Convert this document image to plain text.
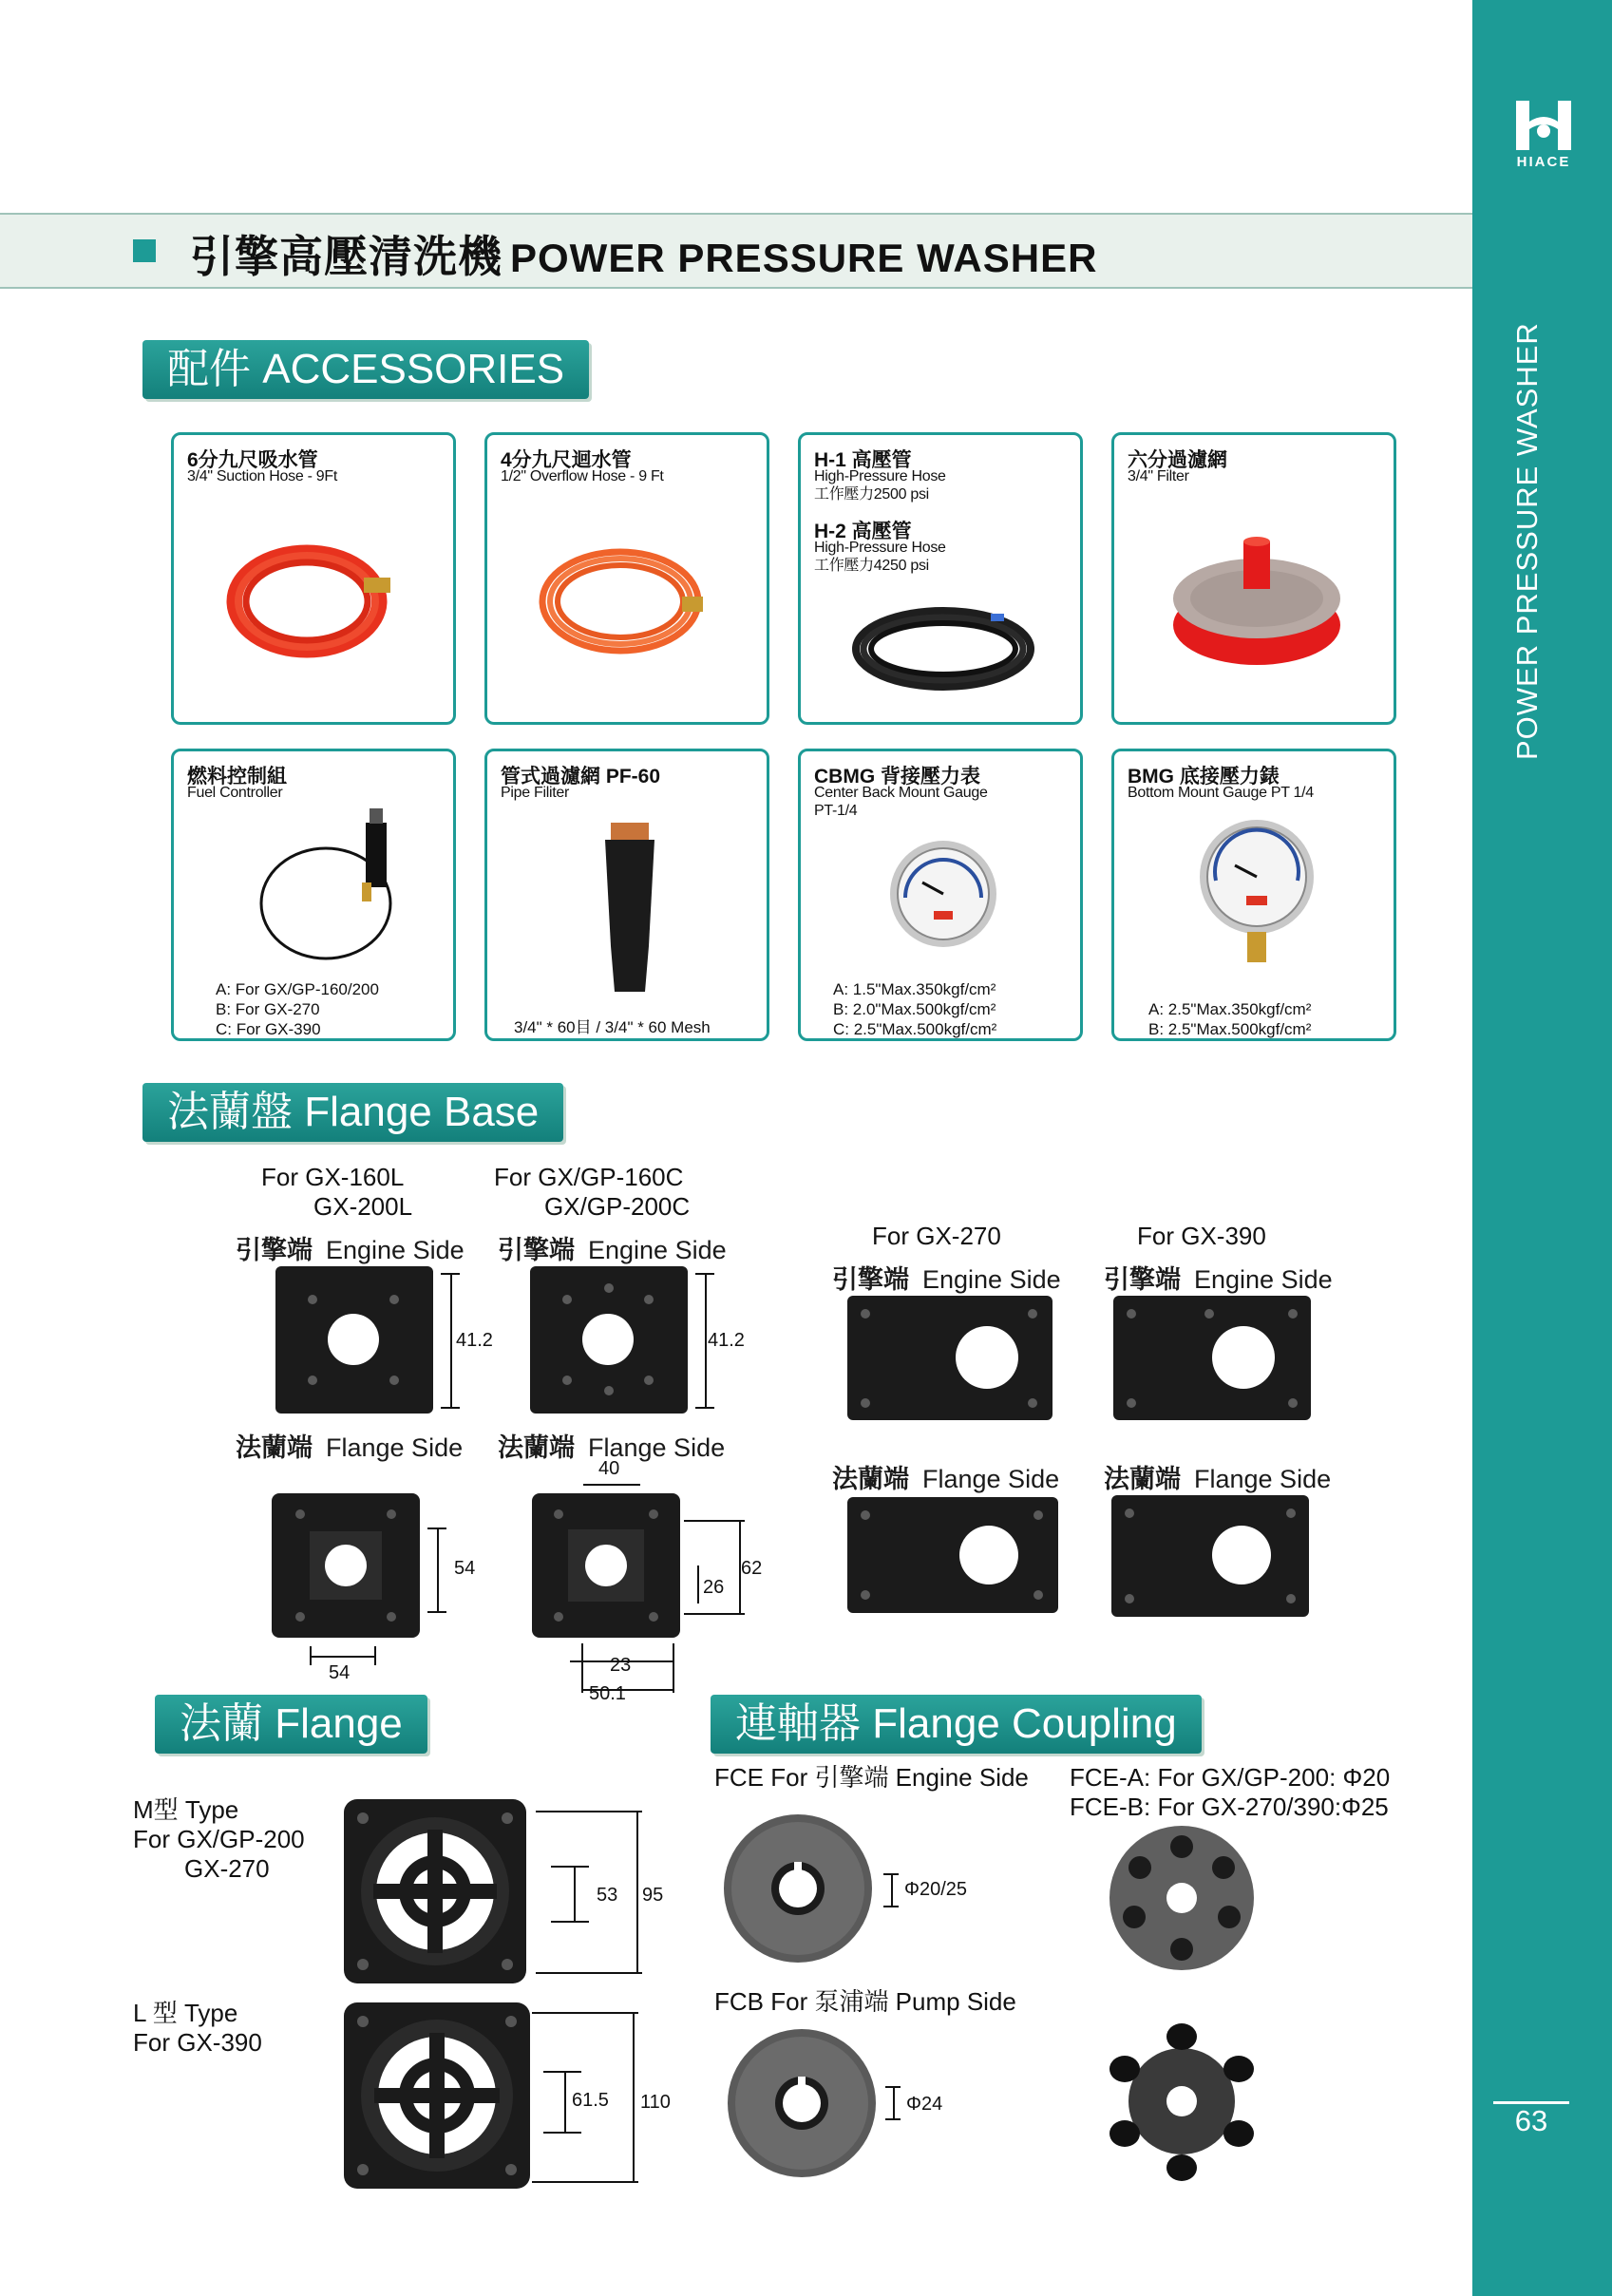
HIACE
POWER PRESSURE WASHER
63
引擎高壓清洗機 POWER PRESSURE WASHER
配件 ACCESSORIES
6分九尺吸水管
3/4" Suction Hose - 9Ft
4分九尺迴水管
1/2" Overflow Hose - 9 Ft
H-1 高壓管
High-Pressure Hose
工作壓力2500 psi
H-2 高壓管
High-Pressure Hose
工作壓力4250 psi
六分過濾網
3/4" Filter
燃料控制組
Fuel Controller
A: For GX/GP-160/200
B: For GX-270
C: For GX-390
管式過濾網 PF-60
Pipe Filiter
3/4" * 60目 / 3/4" * 60 Mesh
CBMG 背接壓力表
Center Back Mount Gauge
PT-1/4
A: 1.5"Max.350kgf/cm²
B: 2.0"Max.500kgf/cm²
C: 2.5"Max.500kgf/cm²
BMG 底接壓力錶
Bottom Mount Gauge PT 1/4
A: 2.5"Max.350kgf/cm²
B: 2.5"Max.500kgf/cm²
法蘭盤 Flange Base
For GX-160L
GX-200L
引擎端 Engine Side
For GX/GP-160C
GX/GP-200C
引擎端 Engine Side	For GX-270
引擎端 Engine Side
For GX-390
引擎端 Engine Side
41.2	41.2
法蘭端 Flange Side 法蘭端 Flange Side
法蘭端 Flange Side 法蘭端 Flange Side
54
54
40
62
26
23
50.1
法蘭 Flange
M型 Type
For GX/GP-200
GX-270
53 95
L 型 Type
For GX-390
61.5 110
連軸器 Flange Coupling
FCE For 引擎端 Engine Side FCE-A: For GX/GP-200: Φ20
FCE-B: For GX-270/390:Φ25
Φ20/25
FCB For 泵浦端 Pump Side
Φ24
